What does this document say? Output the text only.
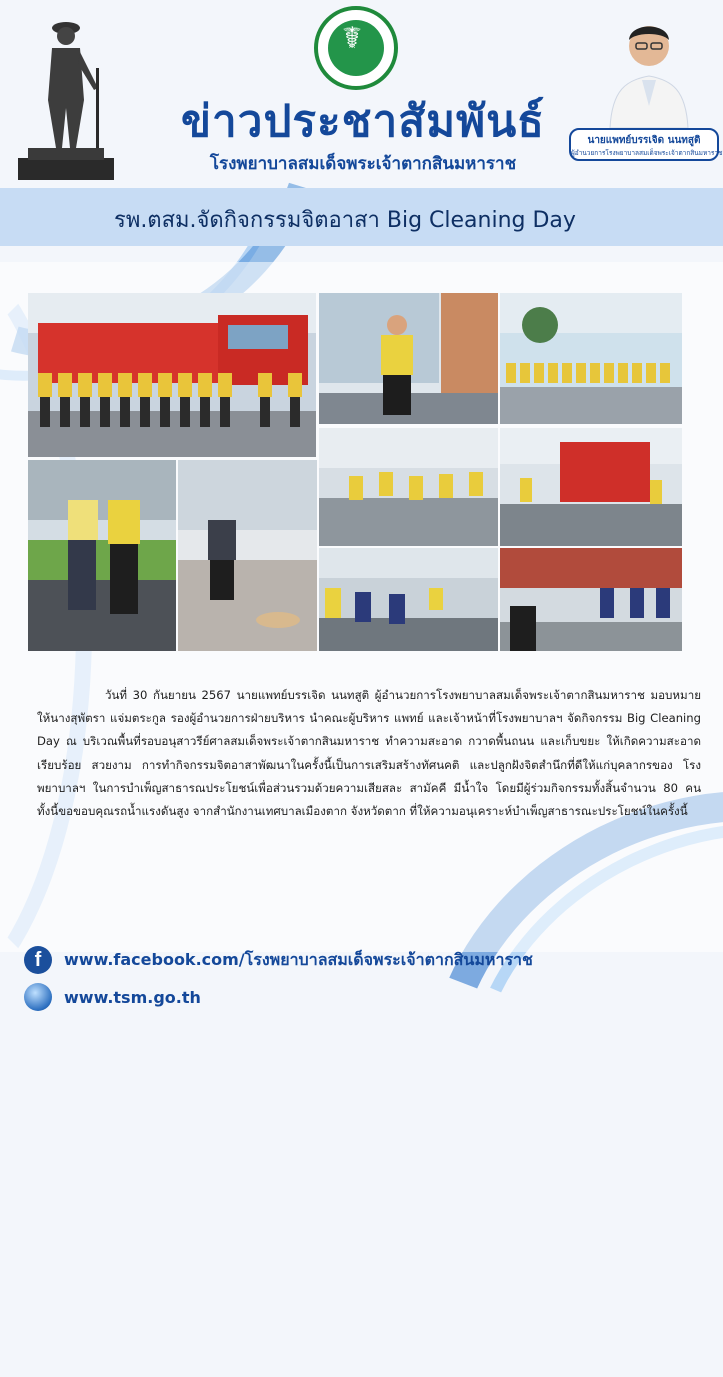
☤
ข่าวประชาสัมพันธ์
โรงพยาบาลสมเด็จพระเจ้าตากสินมหาราช
นายแพทย์บรรเจิด นนทสูติ
ผู้อำนวยการโรงพยาบาลสมเด็จพระเจ้าตากสินมหาราช
รพ.ตสม.จัดกิจกรรมจิตอาสา Big Cleaning Day
วันที่ 30 กันยายน 2567 นายแพทย์บรรเจิด นนทสูติ ผู้อำนวยการโรงพยาบาลสมเด็จพระเจ้าตากสินมหาราช มอบหมายให้นางสุพัตรา แจ่มตระกูล รองผู้อำนวยการฝ่ายบริหาร นำคณะผู้บริหาร แพทย์ และเจ้าหน้าที่โรงพยาบาลฯ จัดกิจกรรม Big Cleaning Day ณ บริเวณพื้นที่รอบอนุสาวรีย์ศาลสมเด็จพระเจ้าตากสินมหาราช ทำความสะอาด กวาดพื้นถนน และเก็บขยะ ให้เกิดความสะอาด เรียบร้อย สวยงาม การทำกิจกรรมจิตอาสาพัฒนาในครั้งนี้เป็นการเสริมสร้างทัศนคติ และปลูกฝังจิตสำนึกที่ดีให้แก่บุคลากรของ โรงพยาบาลฯ ในการบำเพ็ญสาธารณประโยชน์เพื่อส่วนรวมด้วยความเสียสละ สามัคคี มีน้ำใจ โดยมีผู้ร่วมกิจกรรมทั้งสิ้นจำนวน 80 คน ทั้งนี้ขอขอบคุณรถน้ำแรงดันสูง จากสำนักงานเทศบาลเมืองตาก จังหวัดตาก ที่ให้ความอนุเคราะห์บำเพ็ญสาธารณะประโยชน์ในครั้งนี้
f	www.facebook.com/โรงพยาบาลสมเด็จพระเจ้าตากสินมหาราช
www.tsm.go.th
